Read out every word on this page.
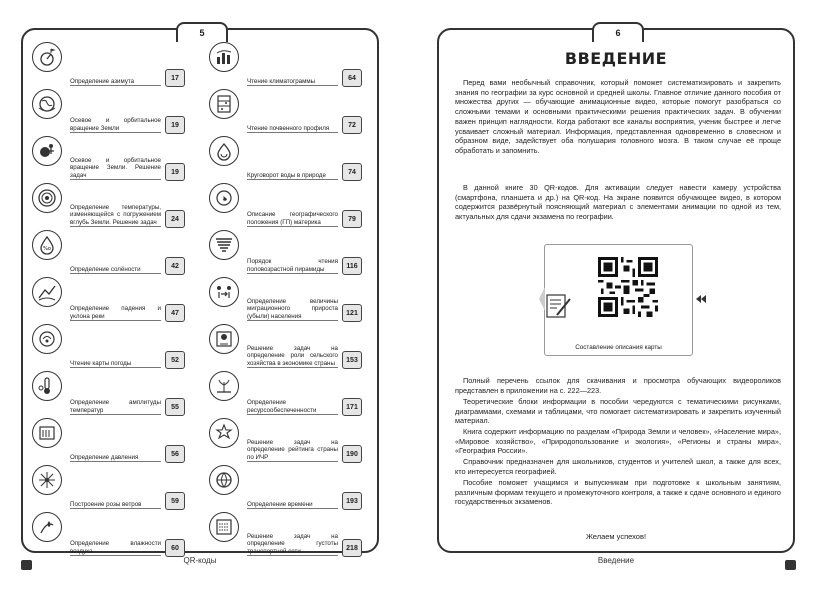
5
Определение азимута	17
Осевое и орбитальное вращение Земли	19
Осевое и орбитальное вращение Земли. Решение задач	19
Определение температуры, изменяющейся с погружением вглубь Земли. Решение задач	24
%o
Определение солёности	42
Определение падения и уклона реки	47
Чтение карты погоды	52
Определение амплитуды температур	55
Определение давления	56
Построение розы ветров	59
Определение влажности воздуха	60
Чтение климатограммы	64
Чтение почвенного профиля	72
Круговорот воды в природе	74
Описание географического положения (ГП) материка	79
Порядок чтения половозрастной пирамиды	116
Определение величины миграционного прироста (убыли) населения	121
Решение задач на определение роли сельского хозяйства в экономике страны	153
Определение ресурсообеспеченности	171
Решение задач на определение рейтинга страны по ИЧР	190
Определение времени	193
Решение задач на определение густоты транспортной сети	218
QR-коды
6
ВВЕДЕНИЕ
Перед вами необычный справочник, который поможет систематизировать и закрепить знания по географии за курс основной и средней школы. Главное отличие данного пособия от множества других — обучающие анимационные видео, которые помогут разобраться со сложными темами и основными практическими решения практических задач. В обучении важен принцип наглядности. Когда работают все каналы восприятия, ученик быстрее и легче усваивает сложный материал. Информация, представленная одновременно в словесном и образном виде, задействует оба полушария головного мозга. В таком случае её проще обработать и запомнить.
В данной книге 30 QR-кодов. Для активации следует навести камеру устройства (смартфона, планшета и др.) на QR-код. На экране появится обучающее видео, в котором содержится развёрнутый поясняющий материал с элементами анимации по одной из тем, актуальных для сдачи экзамена по географии.
Составление описания карты
Полный перечень ссылок для скачивания и просмотра обучающих видеороликов представлен в приложении на с. 222—223.
Теоретические блоки информации в пособии чередуются с тематическими рисунками, диаграммами, схемами и таблицами, что помогает систематизировать и закрепить изученный материал.
Книга содержит информацию по разделам «Природа Земли и человек», «Население мира», «Мировое хозяйство», «Природопользование и экология», «Регионы и страны мира», «География России».
Справочник предназначен для школьников, студентов и учителей школ, а также для всех, кто интересуется географией.
Пособие поможет учащимся и выпускникам при подготовке к школьным занятиям, различным формам текущего и промежуточного контроля, а также к сдаче основного и единого государственных экзаменов.
Желаем успехов!
Введение
